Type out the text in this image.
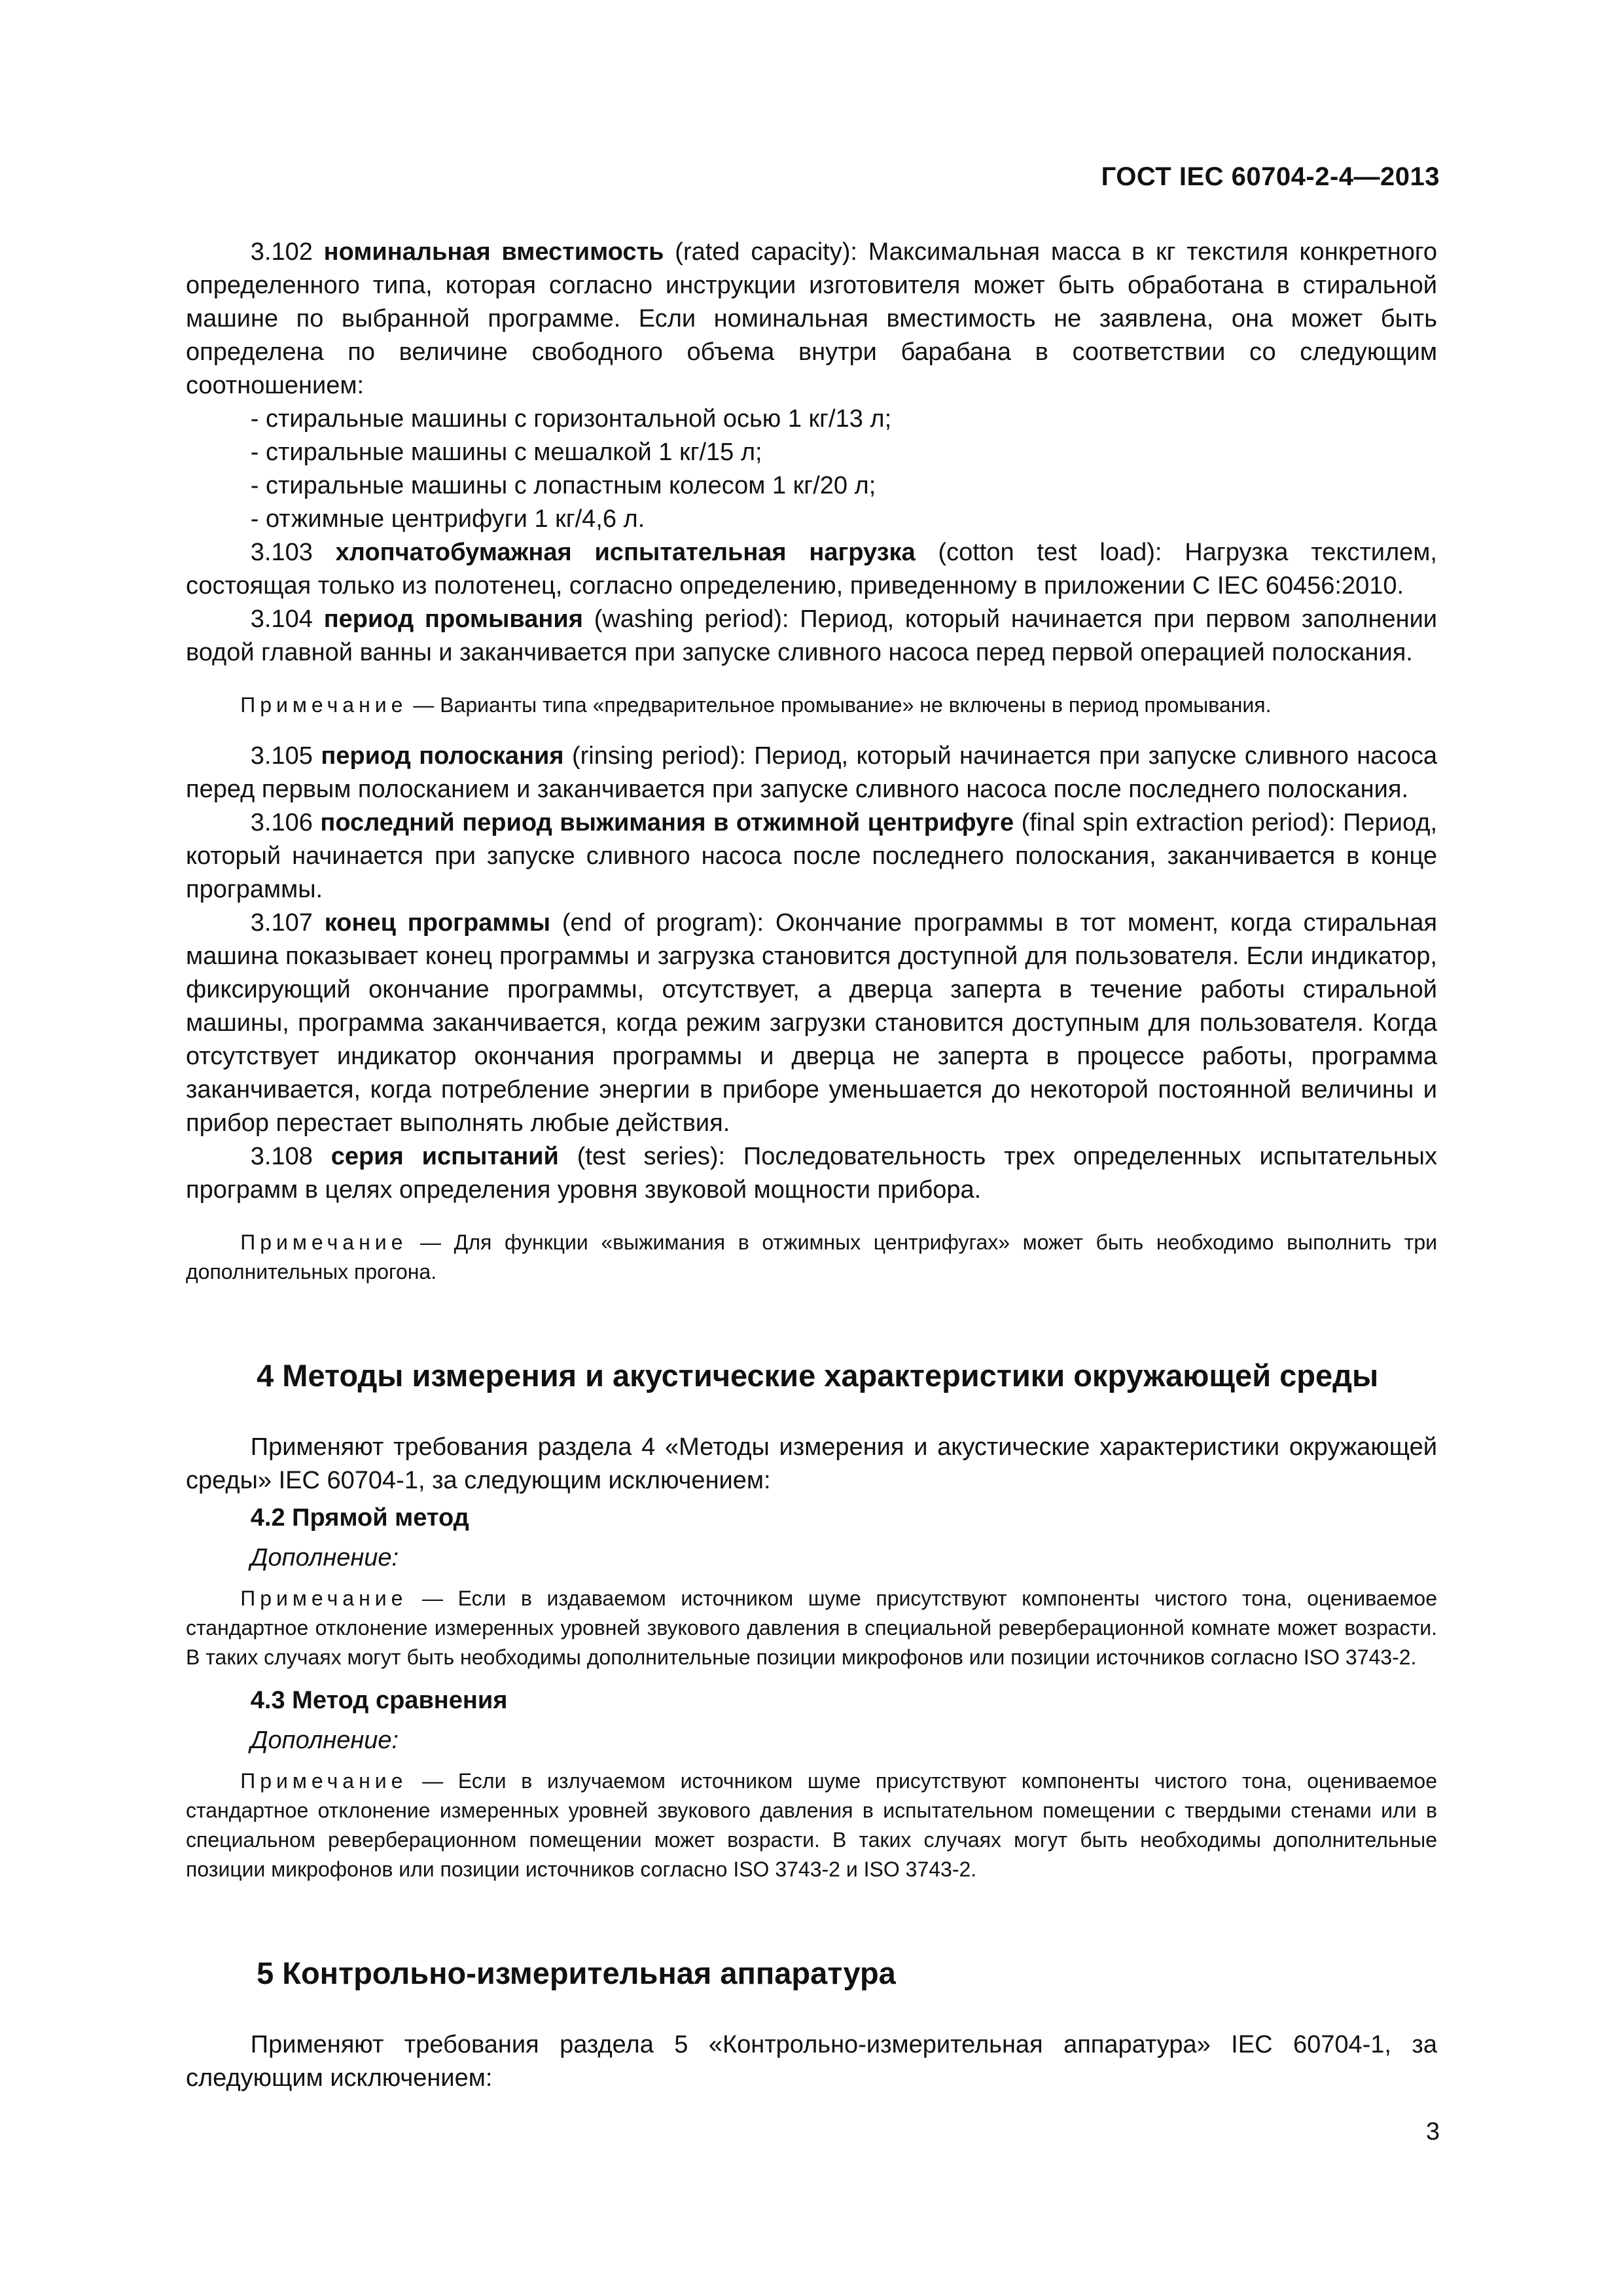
ГОСТ IEC 60704-2-4—2013

3.102 номинальная вместимость (rated capacity): Максимальная масса в кг текстиля конкретного определенного типа, которая согласно инструкции изготовителя может быть обработана в стиральной машине по выбранной программе. Если номинальная вместимость не заявлена, она может быть определена по величине свободного объема внутри барабана в соответствии со следующим соотношением:

- стиральные машины с горизонтальной осью 1 кг/13 л;

- стиральные машины с мешалкой 1 кг/15 л;

- стиральные машины с лопастным колесом 1 кг/20 л;

- отжимные центрифуги 1 кг/4,6 л.

3.103 хлопчатобумажная испытательная нагрузка (cotton test load): Нагрузка текстилем, состоящая только из полотенец, согласно определению, приведенному в приложении C IEC 60456:2010.

3.104 период промывания (washing period): Период, который начинается при первом заполнении водой главной ванны и заканчивается при запуске сливного насоса перед первой операцией полоскания.

Примечание — Варианты типа «предварительное промывание» не включены в период промывания.

3.105 период полоскания (rinsing period): Период, который начинается при запуске сливного насоса перед первым полосканием и заканчивается при запуске сливного насоса после последнего полоскания.

3.106 последний период выжимания в отжимной центрифуге (final spin extraction period): Период, который начинается при запуске сливного насоса после последнего полоскания, заканчивается в конце программы.

3.107 конец программы (end of program): Окончание программы в тот момент, когда стиральная машина показывает конец программы и загрузка становится доступной для пользователя. Если индикатор, фиксирующий окончание программы, отсутствует, а дверца заперта в течение работы стиральной машины, программа заканчивается, когда режим загрузки становится доступным для пользователя. Когда отсутствует индикатор окончания программы и дверца не заперта в процессе работы, программа заканчивается, когда потребление энергии в приборе уменьшается до некоторой постоянной величины и прибор перестает выполнять любые действия.

3.108 серия испытаний (test series): Последовательность трех определенных испытательных программ в целях определения уровня звуковой мощности прибора.

Примечание — Для функции «выжимания в отжимных центрифугах» может быть необходимо выполнить три дополнительных прогона.

4 Методы измерения и акустические характеристики окружающей среды

Применяют требования раздела 4 «Методы измерения и акустические характеристики окружающей среды» IEC 60704-1, за следующим исключением:

4.2 Прямой метод

Дополнение:

Примечание — Если в издаваемом источником шуме присутствуют компоненты чистого тона, оцениваемое стандартное отклонение измеренных уровней звукового давления в специальной реверберационной комнате может возрасти. В таких случаях могут быть необходимы дополнительные позиции микрофонов или позиции источников согласно ISO 3743-2.

4.3 Метод сравнения

Дополнение:

Примечание — Если в излучаемом источником шуме присутствуют компоненты чистого тона, оцениваемое стандартное отклонение измеренных уровней звукового давления в испытательном помещении с твердыми стенами или в специальном реверберационном помещении может возрасти. В таких случаях могут быть необходимы дополнительные позиции микрофонов или позиции источников согласно ISO 3743-2 и ISO 3743-2.

5 Контрольно-измерительная аппаратура

Применяют требования раздела 5 «Контрольно-измерительная аппаратура» IEC 60704-1, за следующим исключением:

3
